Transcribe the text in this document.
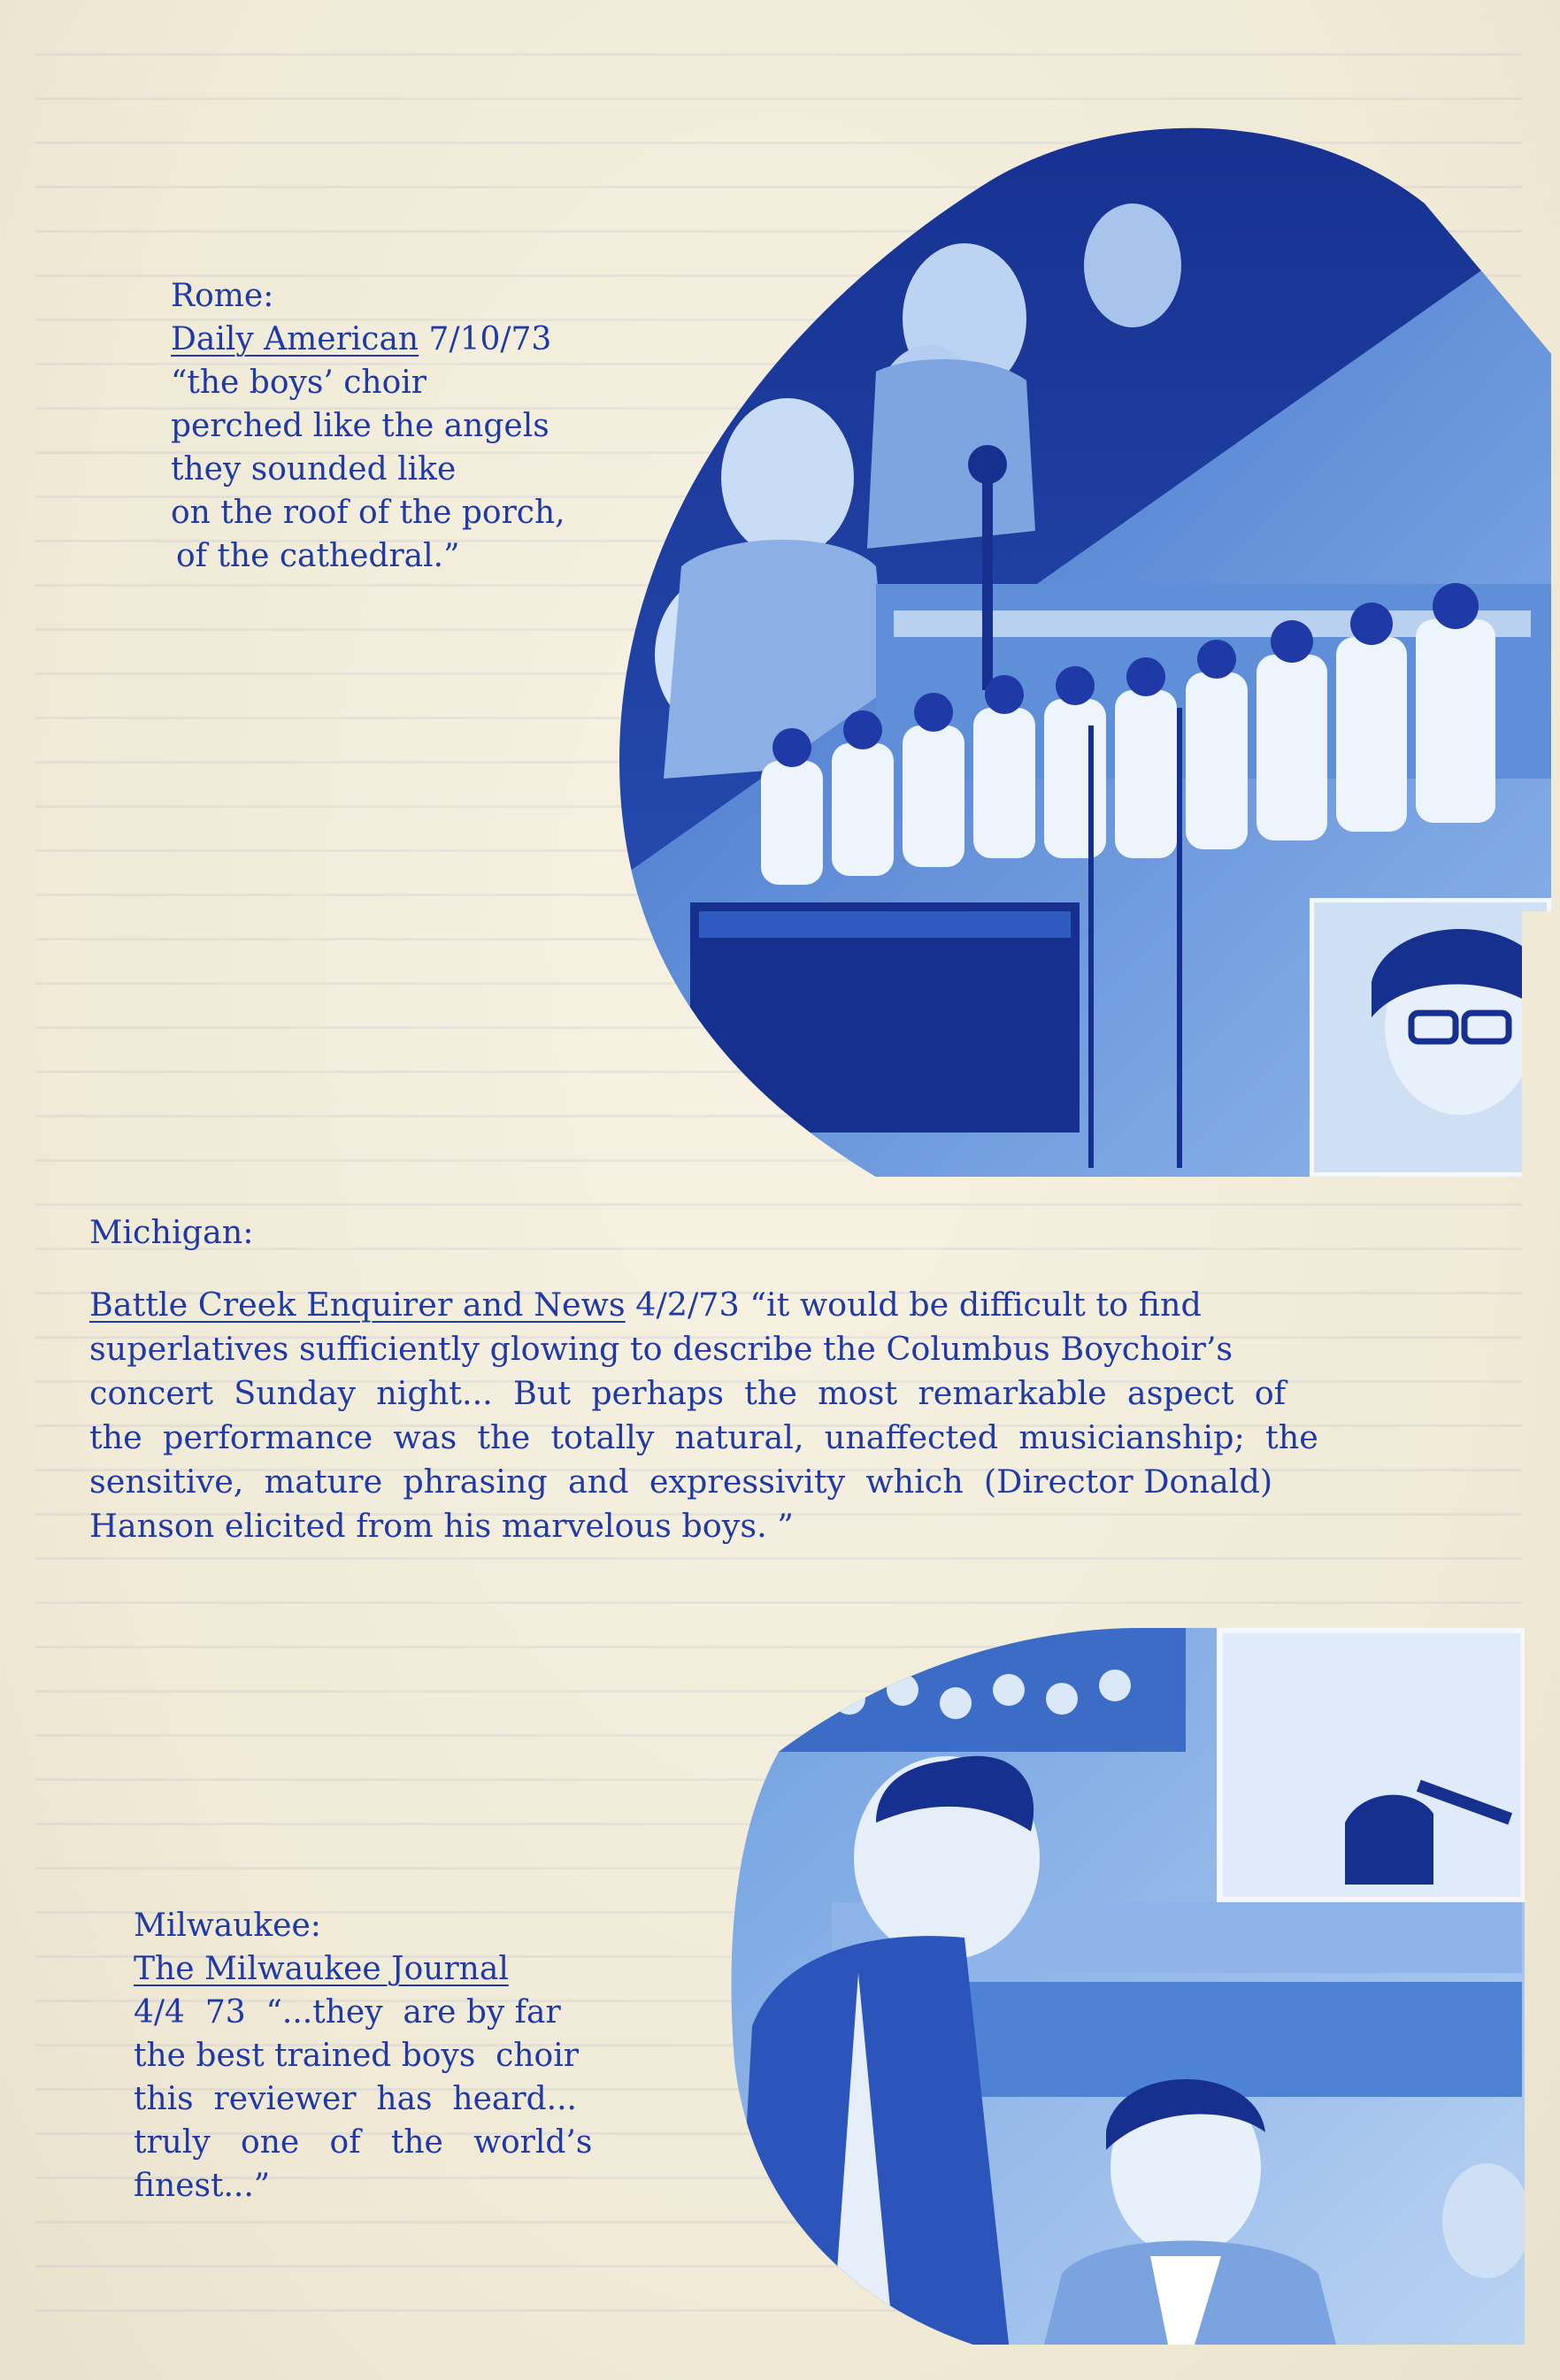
Rome:
Daily American 7/10/73
“the boys’ choir
perched like the angels
they sounded like
on the roof of the porch,
of the cathedral.”
Michigan:
Battle Creek Enquirer and News 4/2/73 “it would be difficult to find
superlatives sufficiently glowing to describe the Columbus Boychoir’s
concert  Sunday  night...  But  perhaps  the  most  remarkable  aspect  of
the  performance  was  the  totally  natural,  unaffected  musicianship;  the
sensitive,  mature  phrasing  and  expressivity  which  (Director Donald)
Hanson elicited from his marvelous boys. ”
Milwaukee:
The Milwaukee Journal
4/4  73  “...they  are by far
the best trained boys  choir
this  reviewer  has  heard...
truly   one   of   the   world’s
finest...”
